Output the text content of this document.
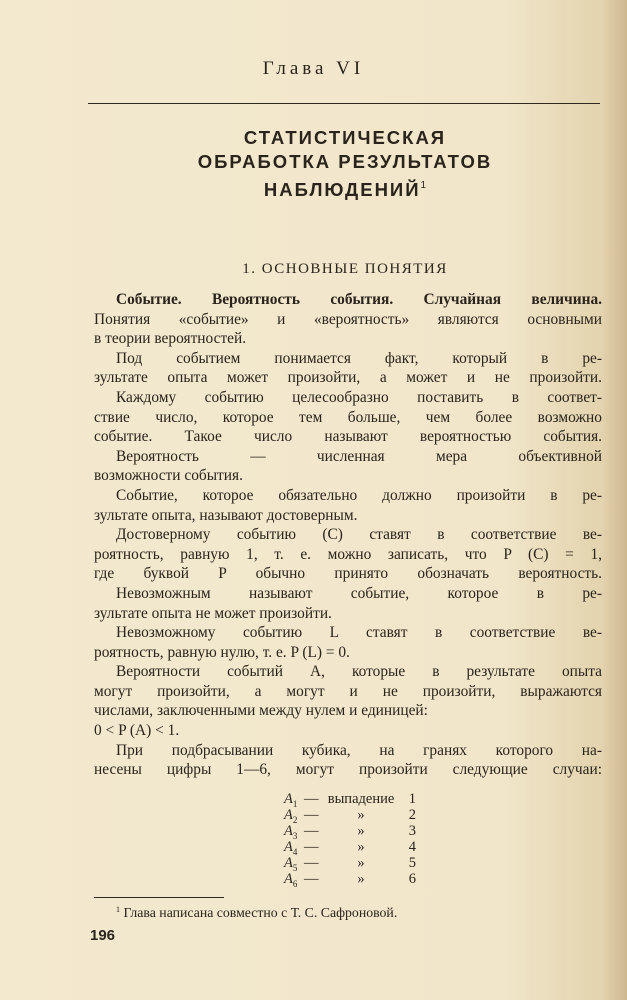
Глава VI
СТАТИСТИЧЕСКАЯ
ОБРАБОТКА РЕЗУЛЬТАТОВ
НАБЛЮДЕНИЙ$^1$
1. ОСНОВНЫЕ ПОНЯТИЯ
Событие. Вероятность события. Случайная величина.
Понятия «событие» и «вероятность» являются основными
в теории вероятностей.
Под событием понимается факт, который в ре-
зультате опыта может произойти, а может и не произойти.
Каждому событию целесообразно поставить в соответ-
ствие число, которое тем больше, чем более возможно
событие. Такое число называют вероятностью события.
Вероятность — численная мера объективной
возможности события.
Событие, которое обязательно должно произойти в ре-
зультате опыта, называют достоверным.
Достоверному событию (C) ставят в соответствие ве-
роятность, равную 1, т. е. можно записать, что P (C) = 1,
где буквой P обычно принято обозначать вероятность.
Невозможным называют событие, которое в ре-
зультате опыта не может произойти.
Невозможному событию L ставят в соответствие ве-
роятность, равную нулю, т. е. P (L) = 0.
Вероятности событий A, которые в результате опыта
могут произойти, а могут и не произойти, выражаются
числами, заключенными между нулем и единицей:
0 < P (A) < 1.
При подбрасывании кубика, на гранях которого на-
несены цифры 1—6, могут произойти следующие случаи:
$A_1$ — выпадение 1
$A_2$ —	»	2
$A_3$ —	»	3
$A_4$ —	»	4
$A_5$ —	»	5
$A_6$ —	»	6
$^1$ Глава написана совместно с Т. С. Сафроновой.
196
